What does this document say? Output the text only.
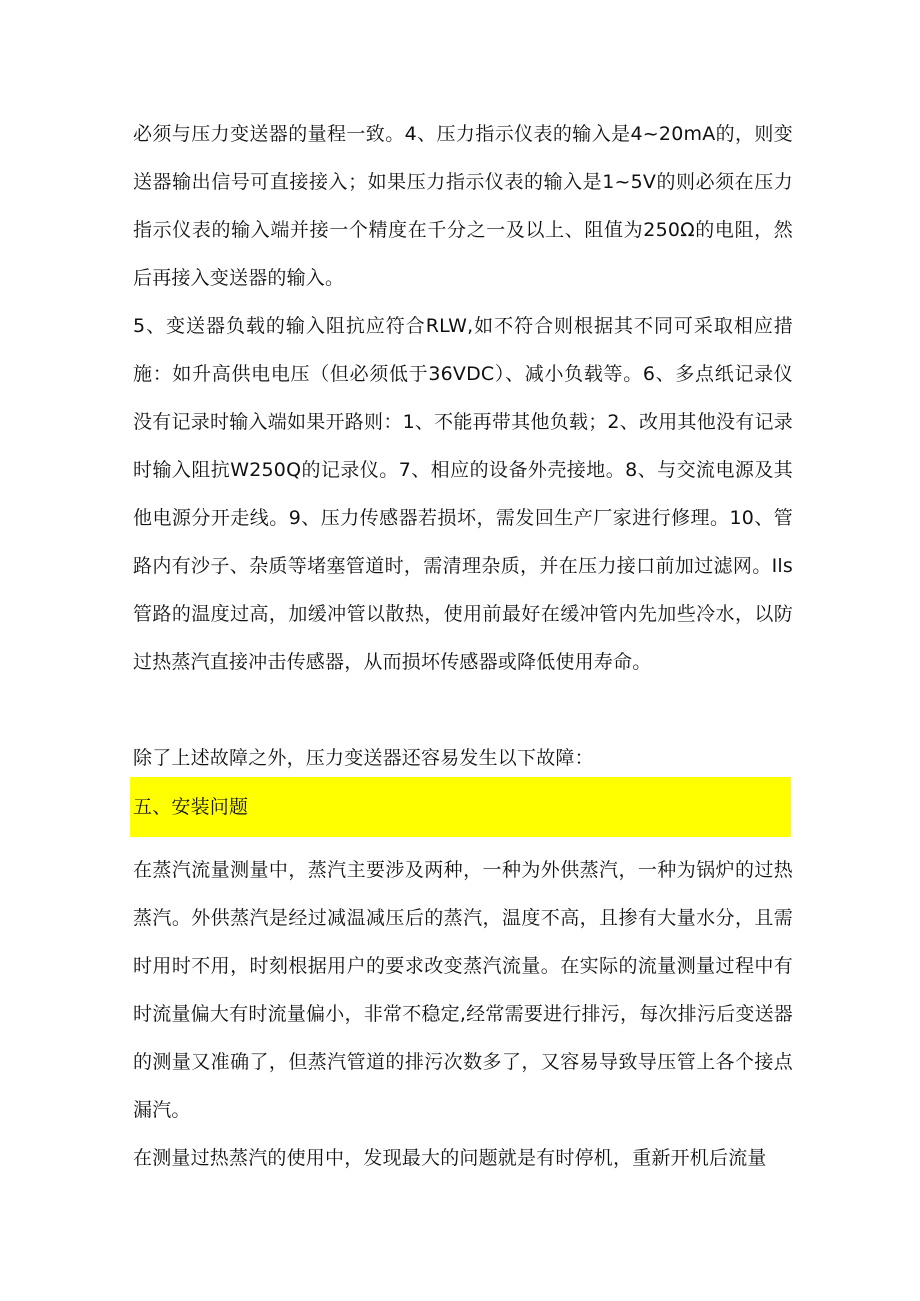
必须与压力变送器的量程一致。4、压力指示仪表的输入是4~20mA的，则变送器输出信号可直接接入；如果压力指示仪表的输入是1~5V的则必须在压力指示仪表的输入端并接一个精度在千分之一及以上、阻值为250Ω的电阻，然后再接入变送器的输入。

5、变送器负载的输入阻抗应符合RLW,如不符合则根据其不同可采取相应措施：如升高供电电压（但必须低于36VDC）、减小负载等。6、多点纸记录仪没有记录时输入端如果开路则：1、不能再带其他负载；2、改用其他没有记录时输入阻抗W250Q的记录仪。7、相应的设备外壳接地。8、与交流电源及其他电源分开走线。9、压力传感器若损坏，需发回生产厂家进行修理。10、管路内有沙子、杂质等堵塞管道时，需清理杂质，并在压力接口前加过滤网。Ils管路的温度过高，加缓冲管以散热，使用前最好在缓冲管内先加些冷水，以防过热蒸汽直接冲击传感器，从而损坏传感器或降低使用寿命。

除了上述故障之外，压力变送器还容易发生以下故障：

五、安装问题

在蒸汽流量测量中，蒸汽主要涉及两种，一种为外供蒸汽，一种为锅炉的过热蒸汽。外供蒸汽是经过减温减压后的蒸汽，温度不高，且掺有大量水分，且需时用时不用，时刻根据用户的要求改变蒸汽流量。在实际的流量测量过程中有时流量偏大有时流量偏小，非常不稳定,经常需要进行排污，每次排污后变送器的测量又准确了，但蒸汽管道的排污次数多了，又容易导致导压管上各个接点漏汽。

在测量过热蒸汽的使用中，发现最大的问题就是有时停机，重新开机后流量
